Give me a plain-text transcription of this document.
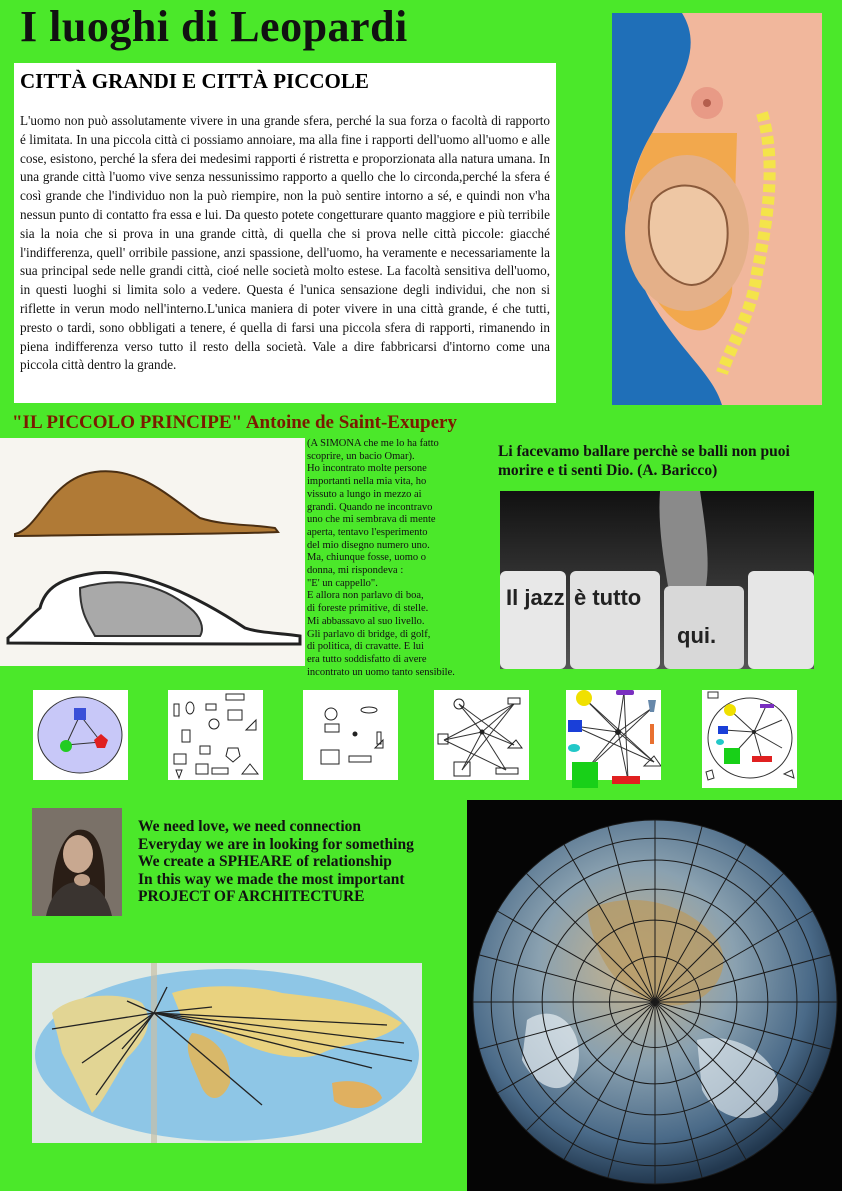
I luoghi di Leopardi
CITTÀ GRANDI E CITTÀ PICCOLE

L'uomo non può assolutamente vivere in una grande sfera, perché la sua forza o facoltà di rapporto é limitata. In una piccola città ci possiamo annoiare, ma alla fine i rapporti dell'uomo all'uomo e alle cose, esistono, perché la sfera dei medesimi rapporti é ristretta e proporzionata alla natura umana. In una grande città l'uomo vive senza nessunissimo rapporto a quello che lo circonda,perché la sfera é così grande che l'individuo non la può riempire, non la può sentire intorno a sé, e quindi non v'ha nessun punto di contatto fra essa e lui. Da questo potete congetturare quanto maggiore e più terribile sia la noia che si prova in una grande città, di quella che si prova nelle città piccole: giacché l'indifferenza, quell' orribile passione, anzi spassione, dell'uomo, ha veramente e necessariamente la sua principal sede nelle grandi città, cioé nelle società molto estese. La facoltà sensitiva dell'uomo, in questi luoghi si limita solo a vedere. Questa é l'unica sensazione degli individui, che non si riflette in verun modo nell'interno.L'unica maniera di poter vivere in una città grande, é che tutti, presto o tardi, sono obbligati a tenere, é quella di farsi una piccola sfera di rapporti, rimanendo in piena indifferenza verso tutto il resto della società. Vale a dire fabbricarsi d'intorno come una piccola città dentro la grande.

"IL PICCOLO PRINCIPE" Antoine de Saint-Exupery
(A SIMONA che me lo ha fatto
scoprire, un bacio Omar).
Ho incontrato molte persone
importanti nella mia vita, ho
vissuto a lungo in mezzo ai
grandi. Quando ne incontravo
uno che mi sembrava di mente
aperta, tentavo l'esperimento
del mio disegno numero uno.
Ma, chiunque fosse, uomo o
donna, mi rispondeva :
"E' un cappello".
E allora non parlavo di boa,
di foreste primitive, di stelle.
Mi abbassavo al suo livello.
Gli parlavo di bridge, di golf,
di politica, di cravatte. E lui
era tutto soddisfatto di avere
incontrato un uomo tanto sensibile.
Li facevamo ballare perchè se balli non puoi morire e ti senti Dio. (A. Baricco)
Il jazz è tutto
qui.
We need love, we need connection
Everyday we are in looking for something
We create a SPHEARE of relationship
In this way we made the most important
PROJECT OF ARCHITECTURE
